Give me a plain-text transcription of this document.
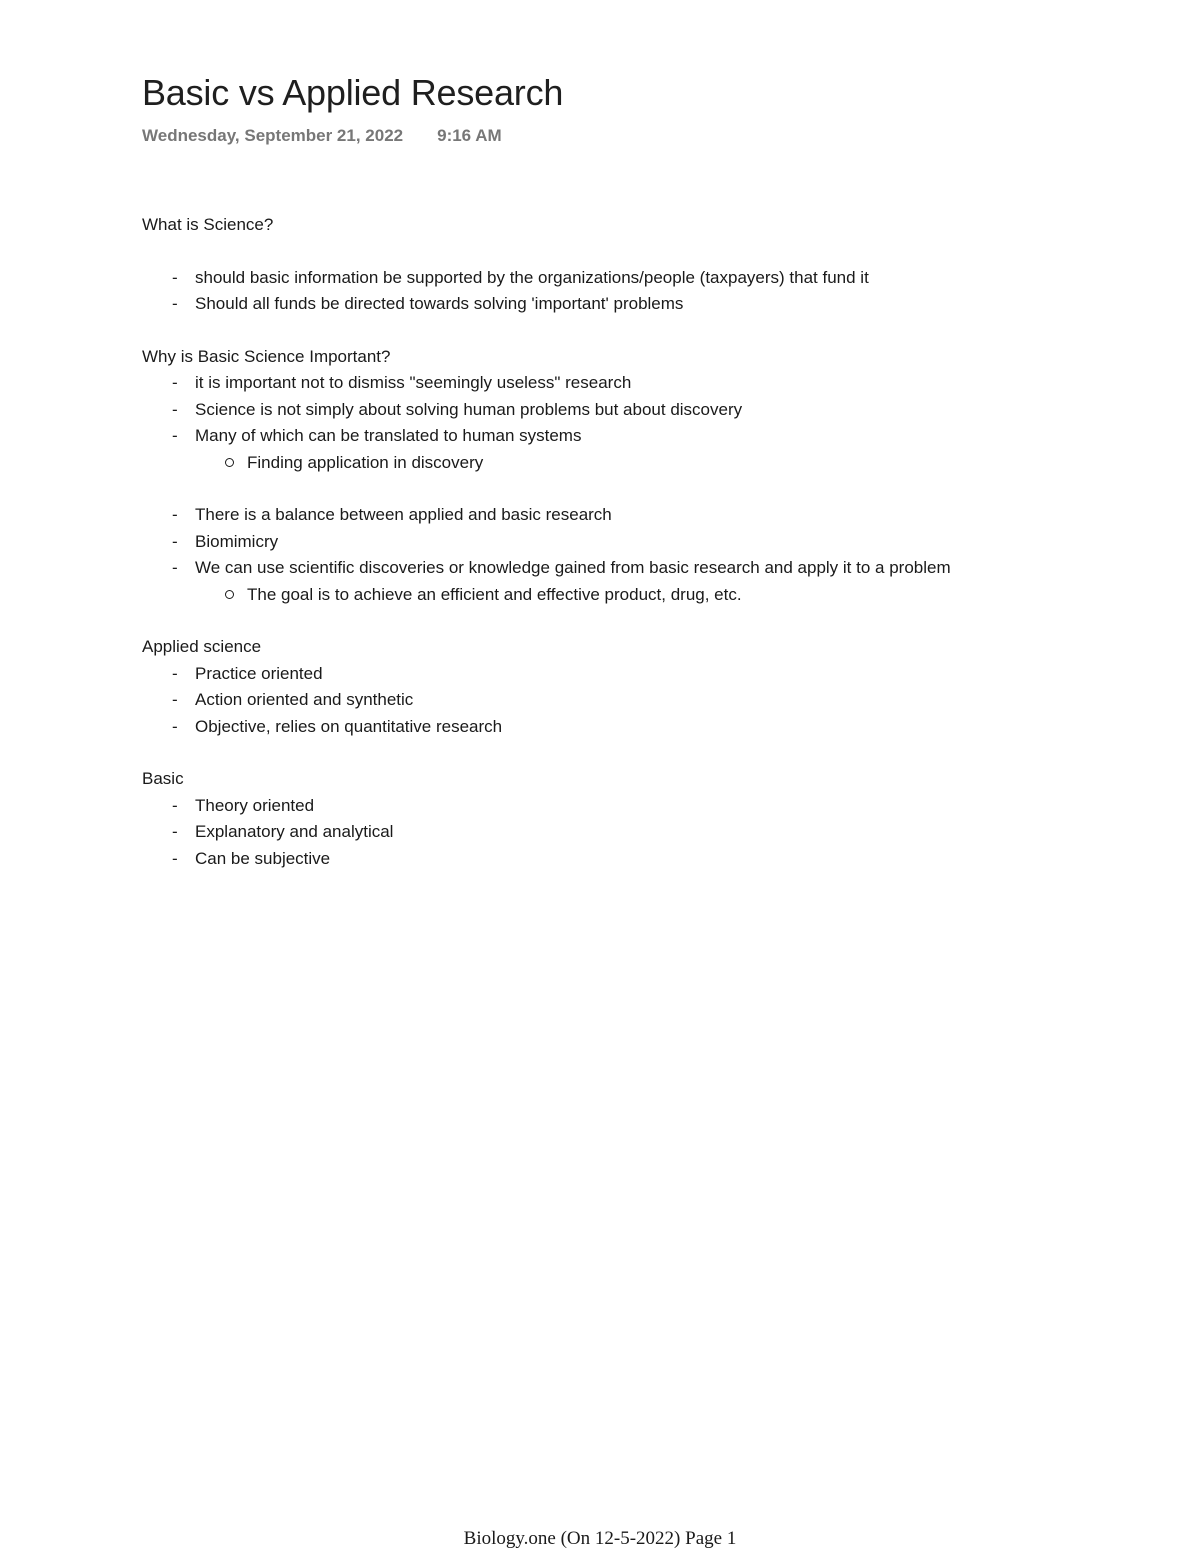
Basic vs Applied Research
Wednesday, September 21, 2022 9:16 AM

What is Science?

- should basic information be supported by the organizations/people (taxpayers) that fund it
- Should all funds be directed towards solving 'important' problems

Why is Basic Science Important?

- it is important not to dismiss "seemingly useless" research
- Science is not simply about solving human problems but about discovery
- Many of which can be translated to human systems
Finding application in discovery
- There is a balance between applied and basic research
- Biomimicry
- We can use scientific discoveries or knowledge gained from basic research and apply it to a problem
The goal is to achieve an efficient and effective product, drug, etc.

Applied science

- Practice oriented
- Action oriented and synthetic
- Objective, relies on quantitative research

Basic

- Theory oriented
- Explanatory and analytical
- Can be subjective
Biology.one (On 12-5-2022) Page 1
